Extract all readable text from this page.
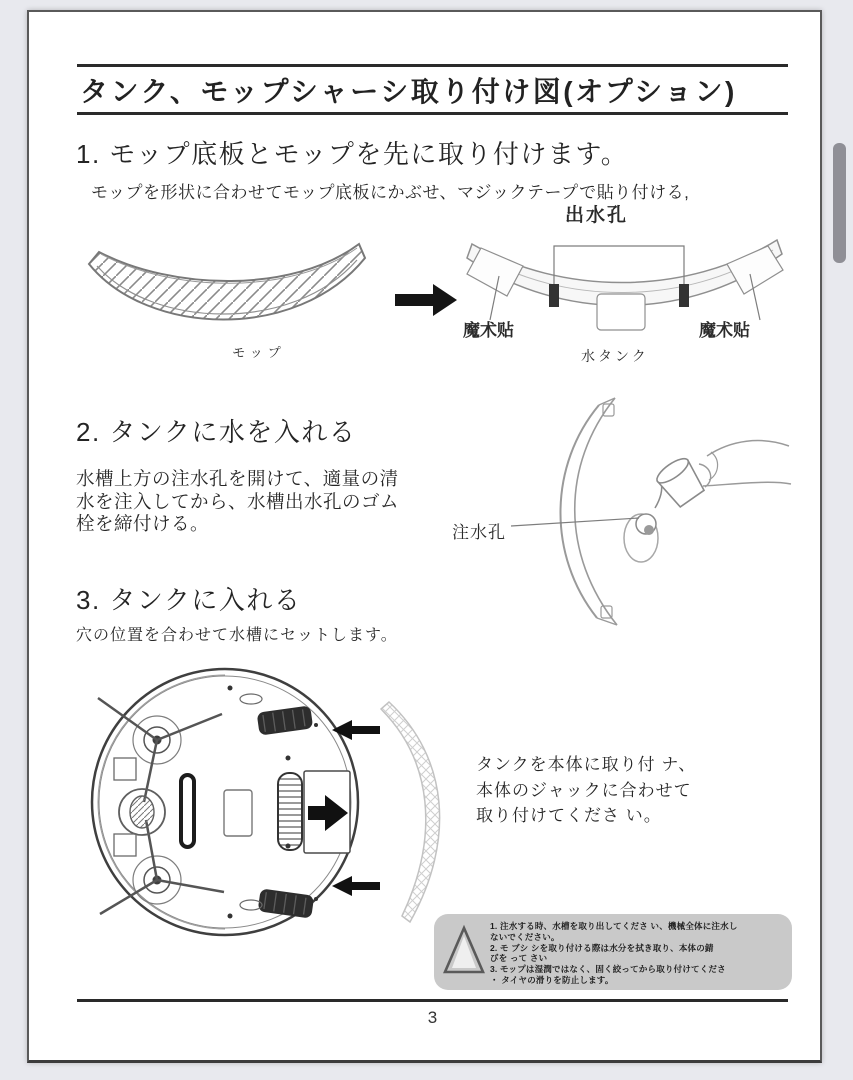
タンク、モップシャーシ取り付け図(オプション)
1. モップ底板とモップを先に取り付けます。
モップを形状に合わせてモップ底板にかぶせ、マジックテープで貼り付ける,
出水孔
モップ
魔术贴	魔术贴
水タンク
2. タンクに水を入れる
水槽上方の注水孔を開けて、適量の清
水を注入してから、水槽出水孔のゴム
栓を締付ける。	注水孔
3. タンクに入れる
穴の位置を合わせて水槽にセットします。
タンクを本体に取り付 ナ、
本体のジャックに合わせて
取り付けてくださ い。
1. 注水する時、水槽を取り出してくださ い、機械全体に注水し
ないでください。
2. モ ブシ シを取り付ける際は水分を拭き取り、本体の錆
びを って さい
3. モップは湿潤ではなく、固く絞ってから取り付けてくださ
・ タイヤの滑りを防止します。
3
